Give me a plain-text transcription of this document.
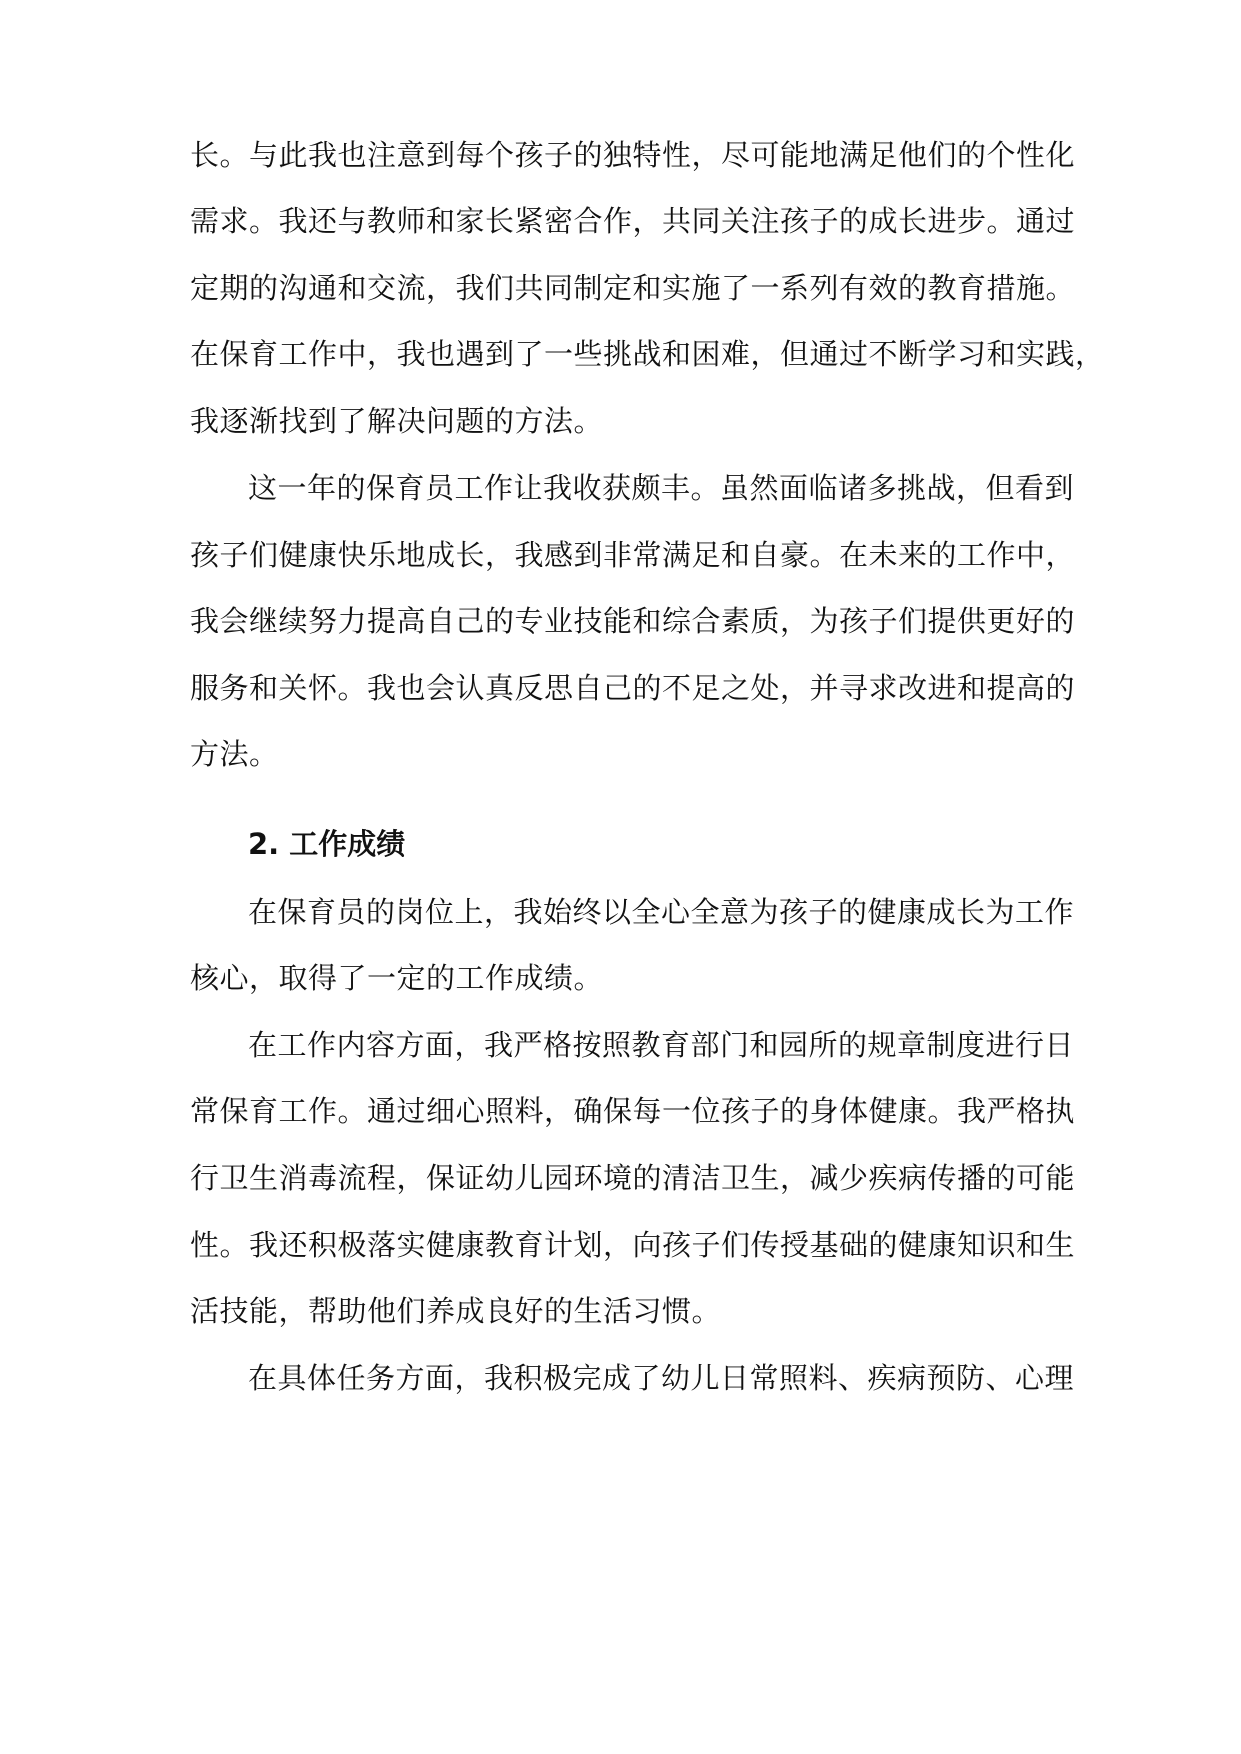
长。与此我也注意到每个孩子的独特性，尽可能地满足他们的个性化
需求。我还与教师和家长紧密合作，共同关注孩子的成长进步。通过
定期的沟通和交流，我们共同制定和实施了一系列有效的教育措施。
在保育工作中，我也遇到了一些挑战和困难，但通过不断学习和实践，
我逐渐找到了解决问题的方法。
这一年的保育员工作让我收获颇丰。虽然面临诸多挑战，但看到
孩子们健康快乐地成长，我感到非常满足和自豪。在未来的工作中，
我会继续努力提高自己的专业技能和综合素质，为孩子们提供更好的
服务和关怀。我也会认真反思自己的不足之处，并寻求改进和提高的
方法。
2. 工作成绩
在保育员的岗位上，我始终以全心全意为孩子的健康成长为工作
核心，取得了一定的工作成绩。
在工作内容方面，我严格按照教育部门和园所的规章制度进行日
常保育工作。通过细心照料，确保每一位孩子的身体健康。我严格执
行卫生消毒流程，保证幼儿园环境的清洁卫生，减少疾病传播的可能
性。我还积极落实健康教育计划，向孩子们传授基础的健康知识和生
活技能，帮助他们养成良好的生活习惯。
在具体任务方面，我积极完成了幼儿日常照料、疾病预防、心理
